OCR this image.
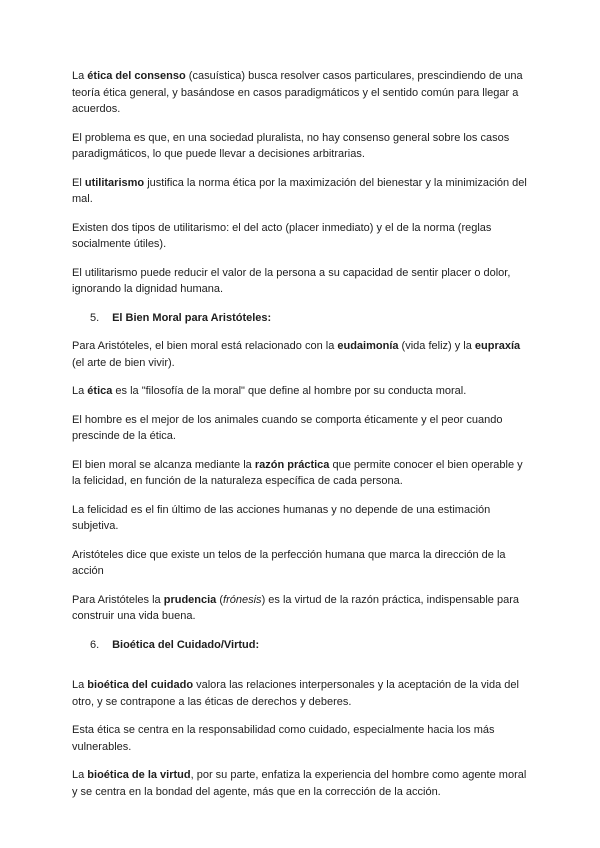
La ética del consenso (casuística) busca resolver casos particulares, prescindiendo de una teoría ética general, y basándose en casos paradigmáticos y el sentido común para llegar a acuerdos.

El problema es que, en una sociedad pluralista, no hay consenso general sobre los casos paradigmáticos, lo que puede llevar a decisiones arbitrarias.

El utilitarismo justifica la norma ética por la maximización del bienestar y la minimización del mal.

Existen dos tipos de utilitarismo: el del acto (placer inmediato) y el de la norma (reglas socialmente útiles).

El utilitarismo puede reducir el valor de la persona a su capacidad de sentir placer o dolor, ignorando la dignidad humana.

5. El Bien Moral para Aristóteles:

Para Aristóteles, el bien moral está relacionado con la eudaimonía (vida feliz) y la eupraxía (el arte de bien vivir).

La ética es la "filosofía de la moral" que define al hombre por su conducta moral.

El hombre es el mejor de los animales cuando se comporta éticamente y el peor cuando prescinde de la ética.

El bien moral se alcanza mediante la razón práctica que permite conocer el bien operable y la felicidad, en función de la naturaleza específica de cada persona.

La felicidad es el fin último de las acciones humanas y no depende de una estimación subjetiva.

Aristóteles dice que existe un telos de la perfección humana que marca la dirección de la acción

Para Aristóteles la prudencia (frónesis) es la virtud de la razón práctica, indispensable para construir una vida buena.

6. Bioética del Cuidado/Virtud:

La bioética del cuidado valora las relaciones interpersonales y la aceptación de la vida del otro, y se contrapone a las éticas de derechos y deberes.

Esta ética se centra en la responsabilidad como cuidado, especialmente hacia los más vulnerables.

La bioética de la virtud, por su parte, enfatiza la experiencia del hombre como agente moral y se centra en la bondad del agente, más que en la corrección de la acción.
